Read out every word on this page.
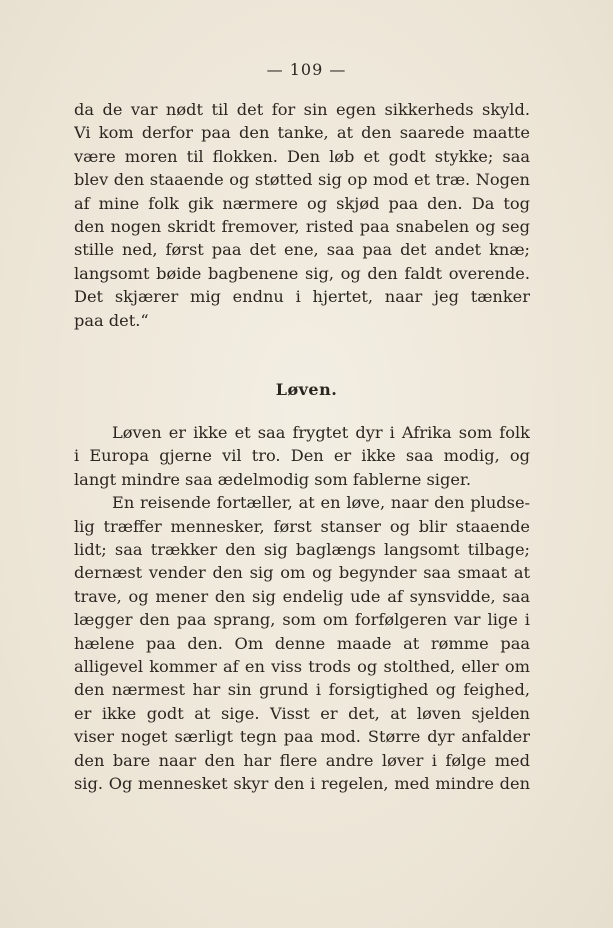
— 109 —
da de var nødt til det for sin egen sikkerheds skyld.
Vi kom derfor paa den tanke, at den saarede maatte
være moren til flokken. Den løb et godt stykke; saa
blev den staaende og støtted sig op mod et træ. Nogen
af mine folk gik nærmere og skjød paa den. Da tog
den nogen skridt fremover, risted paa snabelen og seg
stille ned, først paa det ene, saa paa det andet knæ;
langsomt bøide bagbenene sig, og den faldt overende.
Det skjærer mig endnu i hjertet, naar jeg tænker
paa det.“
Løven.
Løven er ikke et saa frygtet dyr i Afrika som folk
i Europa gjerne vil tro. Den er ikke saa modig, og
langt mindre saa ædelmodig som fablerne siger.
En reisende fortæller, at en løve, naar den pludse-
lig træffer mennesker, først stanser og blir staaende
lidt; saa trækker den sig baglængs langsomt tilbage;
dernæst vender den sig om og begynder saa smaat at
trave, og mener den sig endelig ude af synsvidde, saa
lægger den paa sprang, som om forfølgeren var lige i
hælene paa den. Om denne maade at rømme paa
alligevel kommer af en viss trods og stolthed, eller om
den nærmest har sin grund i forsigtighed og feighed,
er ikke godt at sige. Visst er det, at løven sjelden
viser noget særligt tegn paa mod. Større dyr anfalder
den bare naar den har flere andre løver i følge med
sig. Og mennesket skyr den i regelen, med mindre den
